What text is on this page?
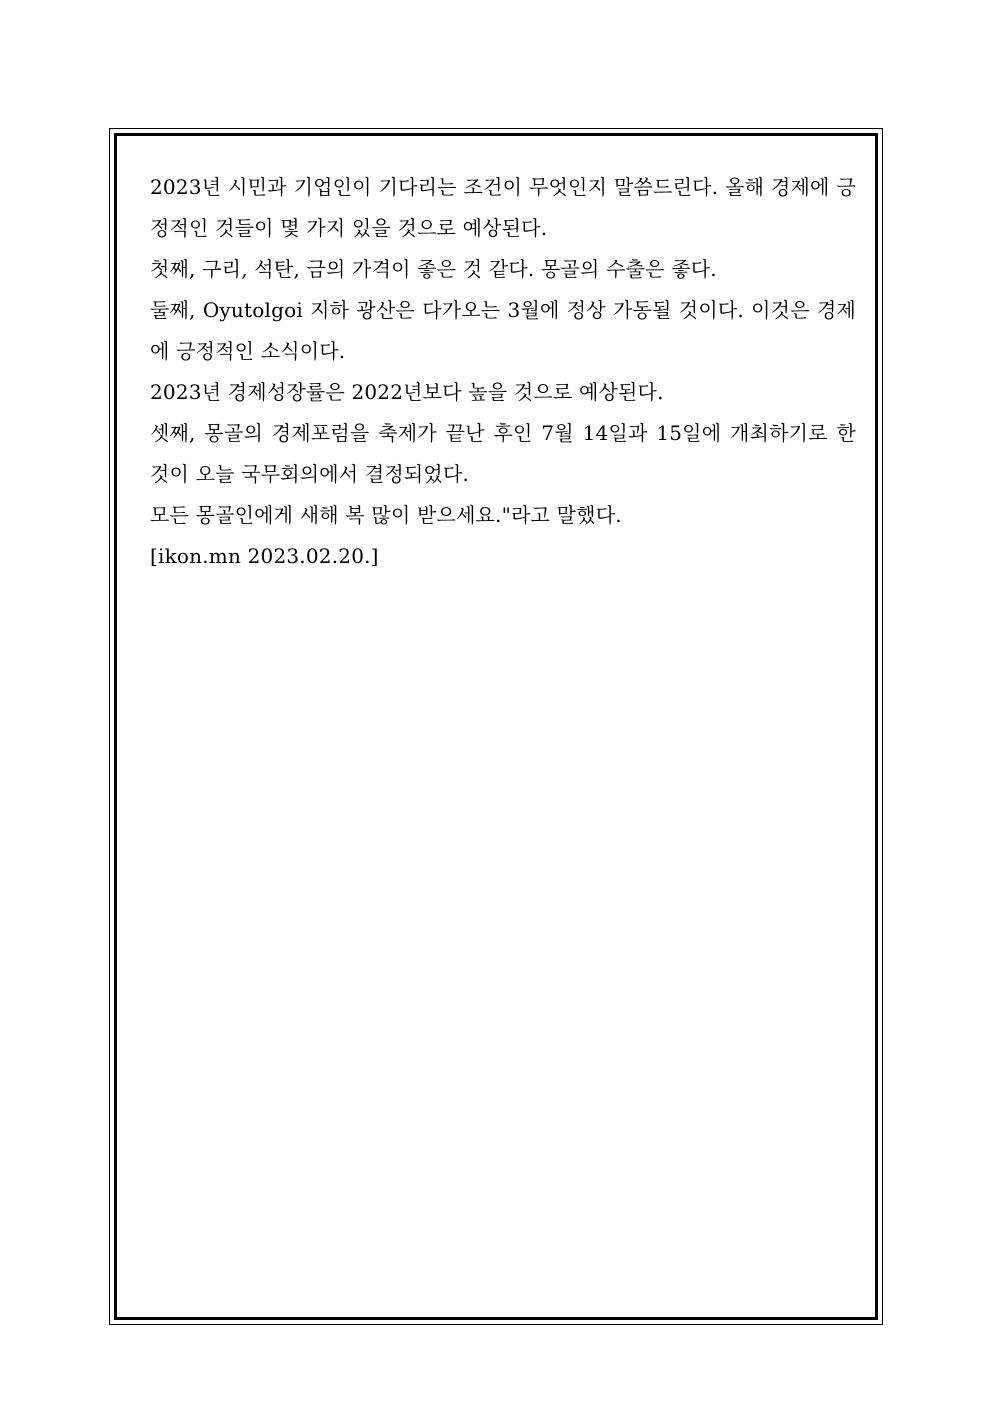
2023년 시민과 기업인이 기다리는 조건이 무엇인지 말씀드린다. 올해 경제에 긍정적인 것들이 몇 가지 있을 것으로 예상된다.

첫째, 구리, 석탄, 금의 가격이 좋은 것 같다. 몽골의 수출은 좋다.

둘째, Oyutolgoi 지하 광산은 다가오는 3월에 정상 가동될 것이다. 이것은 경제에 긍정적인 소식이다.

2023년 경제성장률은 2022년보다 높을 것으로 예상된다.

셋째, 몽골의 경제포럼을 축제가 끝난 후인 7월 14일과 15일에 개최하기로 한 것이 오늘 국무회의에서 결정되었다.

모든 몽골인에게 새해 복 많이 받으세요."라고 말했다.

[ikon.mn 2023.02.20.]
